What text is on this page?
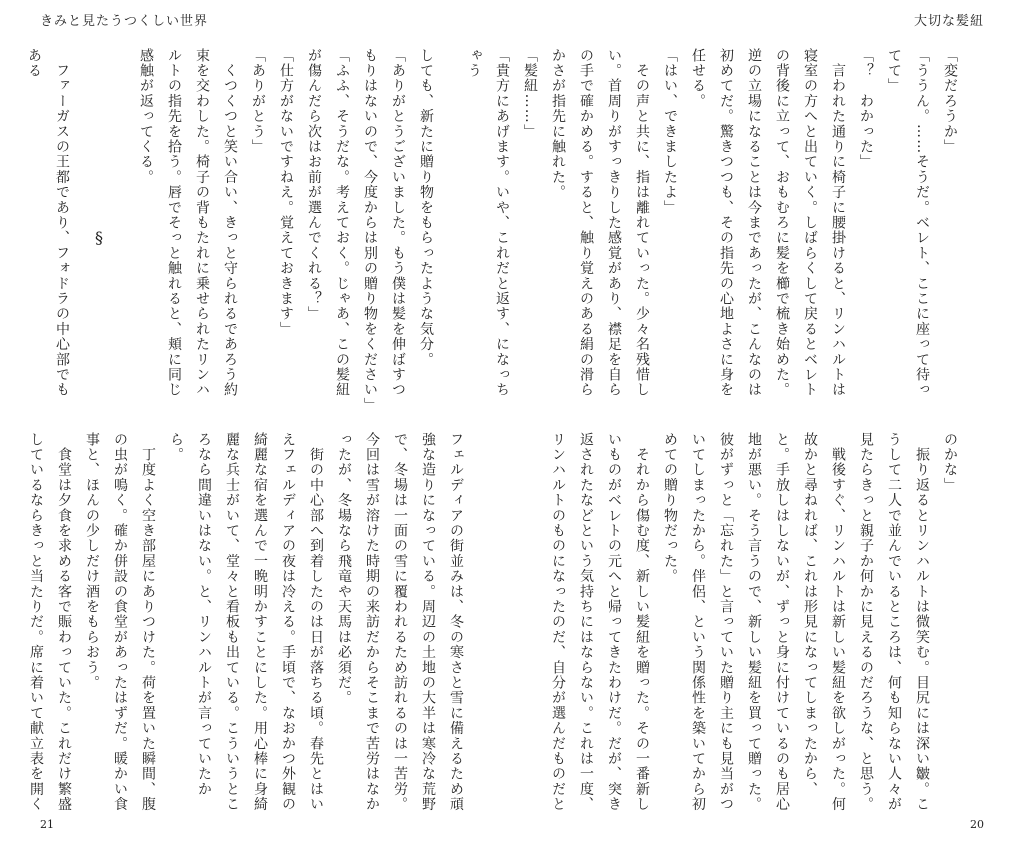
きみと見たうつくしい世界	大切な髪紐

「変だろうか」

「ううん。……そうだ。ベレト、ここに座って待ってて」

「？　わかった」

　言われた通りに椅子に腰掛けると、リンハルトは寝室の方へと出ていく。しばらくして戻るとベレトの背後に立って、おもむろに髪を櫛で梳き始めた。逆の立場になることは今まであったが、こんなのは初めてだ。驚きつつも、その指先の心地よさに身を任せる。

「はい、できましたよ」

　その声と共に、指は離れていった。少々名残惜しい。首周りがすっきりした感覚があり、襟足を自らの手で確かめる。すると、触り覚えのある絹の滑らかさが指先に触れた。

「髪紐……」

「貴方にあげます。いや、これだと返す、になっちゃう

のかな」

　振り返るとリンハルトは微笑む。目尻には深い皺。こうして二人で並んでいるところは、何も知らない人々が見たらきっと親子か何かに見えるのだろうな、と思う。

　戦後すぐ、リンハルトは新しい髪紐を欲しがった。何故かと尋ねれば、これは形見になってしまったから、と。手放しはしないが、ずっと身に付けているのも居心地が悪い。そう言うので、新しい髪紐を買って贈った。彼がずっと「忘れた」と言っていた贈り主にも見当がついてしまったから。伴侶、という関係性を築いてから初めての贈り物だった。

　それから傷む度、新しい髪紐を贈った。その一番新しいものがベレトの元へと帰ってきたわけだ。だが、突き返されたなどという気持ちにはならない。これは一度、リンハルトのものになったのだ、自分が選んだものだと

しても、新たに贈り物をもらったような気分。

「ありがとうございました。もう僕は髪を伸ばすつもりはないので、今度からは別の贈り物をください」

「ふふ、そうだな。考えておく。じゃあ、この髪紐が傷んだら次はお前が選んでくれる？」

「仕方がないですねえ。覚えておきます」

「ありがとう」

　くつくつと笑い合い、きっと守られるであろう約束を交わした。椅子の背もたれに乗せられたリンハルトの指先を拾う。唇でそっと触れると、頬に同じ感触が返ってくる。

　ファーガスの王都であり、フォドラの中心部でもある

§

フェルディアの街並みは、冬の寒さと雪に備えるため頑強な造りになっている。周辺の土地の大半は寒冷な荒野で、冬場は一面の雪に覆われるため訪れるのは一苦労。今回は雪が溶けた時期の来訪だからそこまで苦労はなかったが、冬場なら飛竜や天馬は必須だ。

　街の中心部へ到着したのは日が落ちる頃。春先とはいえフェルディアの夜は冷える。手頃で、なおかつ外観の綺麗な宿を選んで一晩明かすことにした。用心棒に身綺麗な兵士がいて、堂々と看板も出ている。こういうところなら間違いはない。と、リンハルトが言っていたから。

　丁度よく空き部屋にありつけた。荷を置いた瞬間、腹の虫が鳴く。確か併設の食堂があったはずだ。暖かい食事と、ほんの少しだけ酒をもらおう。

　食堂は夕食を求める客で賑わっていた。これだけ繁盛しているならきっと当たりだ。席に着いて献立表を開く

21	20
